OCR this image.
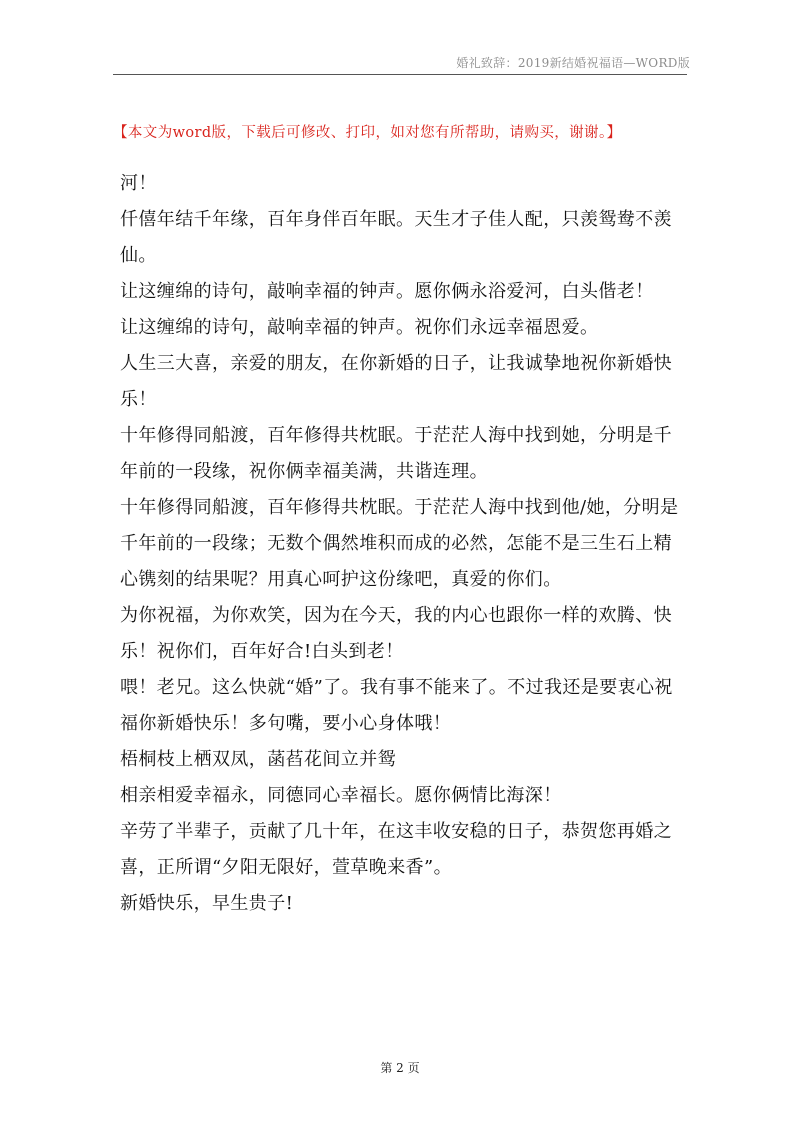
婚礼致辞：2019新结婚祝福语—WORD版
【本文为word版，下载后可修改、打印，如对您有所帮助，请购买，谢谢。】
河！
仟僖年结千年缘，百年身伴百年眠。天生才子佳人配，只羡鸳鸯不羡仙。
让这缠绵的诗句，敲响幸福的钟声。愿你俩永浴爱河，白头偕老！
让这缠绵的诗句，敲响幸福的钟声。祝你们永远幸福恩爱。
人生三大喜，亲爱的朋友，在你新婚的日子，让我诚挚地祝你新婚快乐！
十年修得同船渡，百年修得共枕眠。于茫茫人海中找到她，分明是千年前的一段缘，祝你俩幸福美满，共谐连理。
十年修得同船渡，百年修得共枕眠。于茫茫人海中找到他/她，分明是千年前的一段缘；无数个偶然堆积而成的必然，怎能不是三生石上精心镌刻的结果呢？用真心呵护这份缘吧，真爱的你们。
为你祝福，为你欢笑，因为在今天，我的内心也跟你一样的欢腾、快乐！祝你们，百年好合!白头到老！
喂！老兄。这么快就“婚”了。我有事不能来了。不过我还是要衷心祝福你新婚快乐！多句嘴，要小心身体哦！
梧桐枝上栖双凤，菡萏花间立并鸳
相亲相爱幸福永，同德同心幸福长。愿你俩情比海深！
辛劳了半辈子，贡献了几十年，在这丰收安稳的日子，恭贺您再婚之喜，正所谓“夕阳无限好，萱草晚来香”。
新婚快乐，早生贵子!
第 2 页
